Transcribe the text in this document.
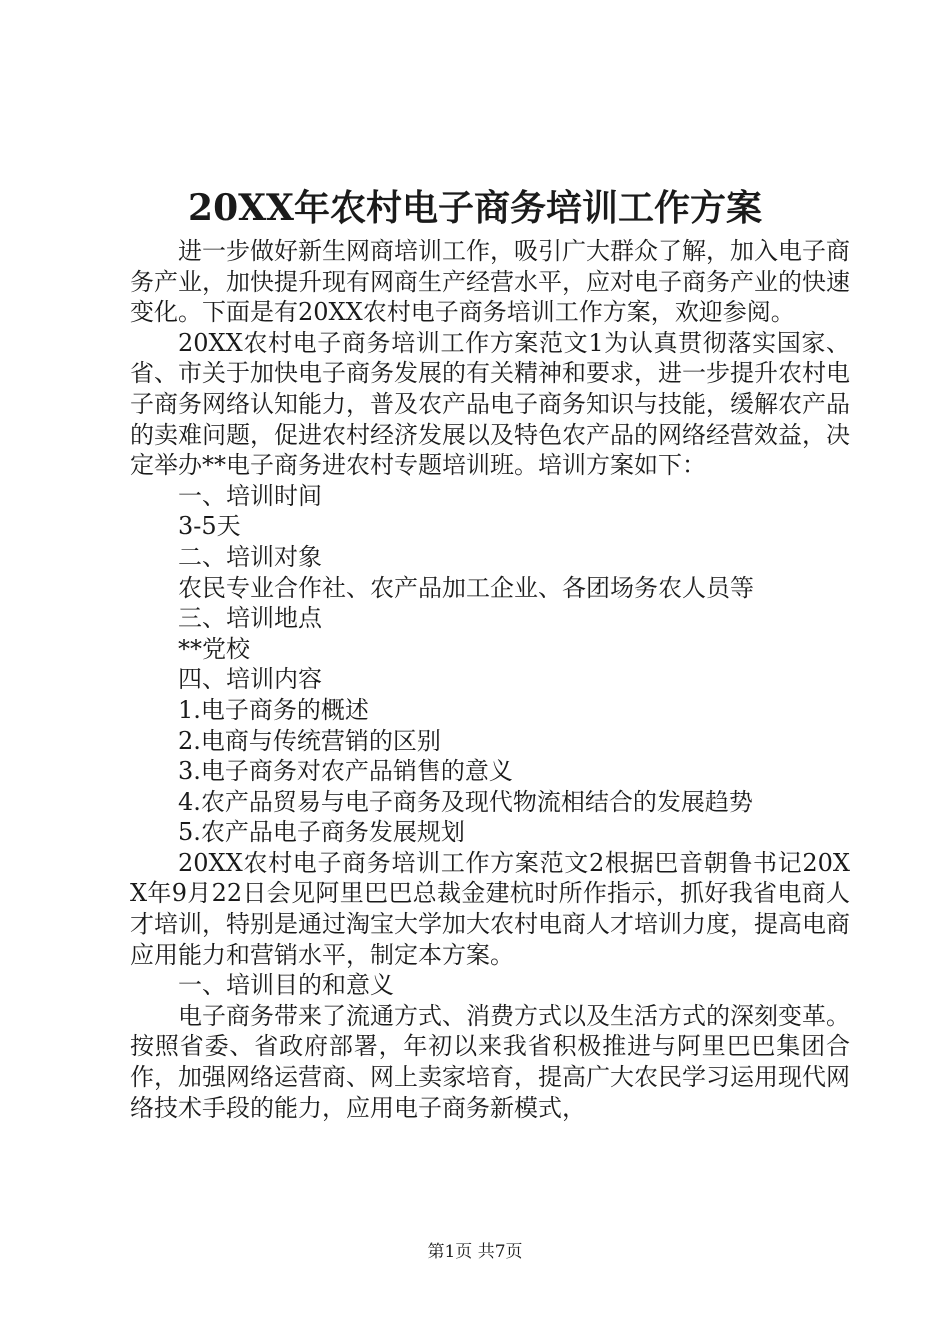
20XX年农村电子商务培训工作方案

进一步做好新生网商培训工作，吸引广大群众了解，加入电子商务产业，加快提升现有网商生产经营水平，应对电子商务产业的快速变化。下面是有20XX农村电子商务培训工作方案，欢迎参阅。

20XX农村电子商务培训工作方案范文1为认真贯彻落实国家、省、市关于加快电子商务发展的有关精神和要求，进一步提升农村电子商务网络认知能力，普及农产品电子商务知识与技能，缓解农产品的卖难问题，促进农村经济发展以及特色农产品的网络经营效益，决定举办**电子商务进农村专题培训班。培训方案如下：

一、培训时间

3-5天

二、培训对象

农民专业合作社、农产品加工企业、各团场务农人员等

三、培训地点

**党校

四、培训内容

1.电子商务的概述

2.电商与传统营销的区别

3.电子商务对农产品销售的意义

4.农产品贸易与电子商务及现代物流相结合的发展趋势

5.农产品电子商务发展规划

20XX农村电子商务培训工作方案范文2根据巴音朝鲁书记20XX年9月22日会见阿里巴巴总裁金建杭时所作指示，抓好我省电商人才培训，特别是通过淘宝大学加大农村电商人才培训力度，提高电商应用能力和营销水平，制定本方案。

一、培训目的和意义

电子商务带来了流通方式、消费方式以及生活方式的深刻变革。按照省委、省政府部署，年初以来我省积极推进与阿里巴巴集团合作，加强网络运营商、网上卖家培育，提高广大农民学习运用现代网络技术手段的能力，应用电子商务新模式，

第1页 共7页
